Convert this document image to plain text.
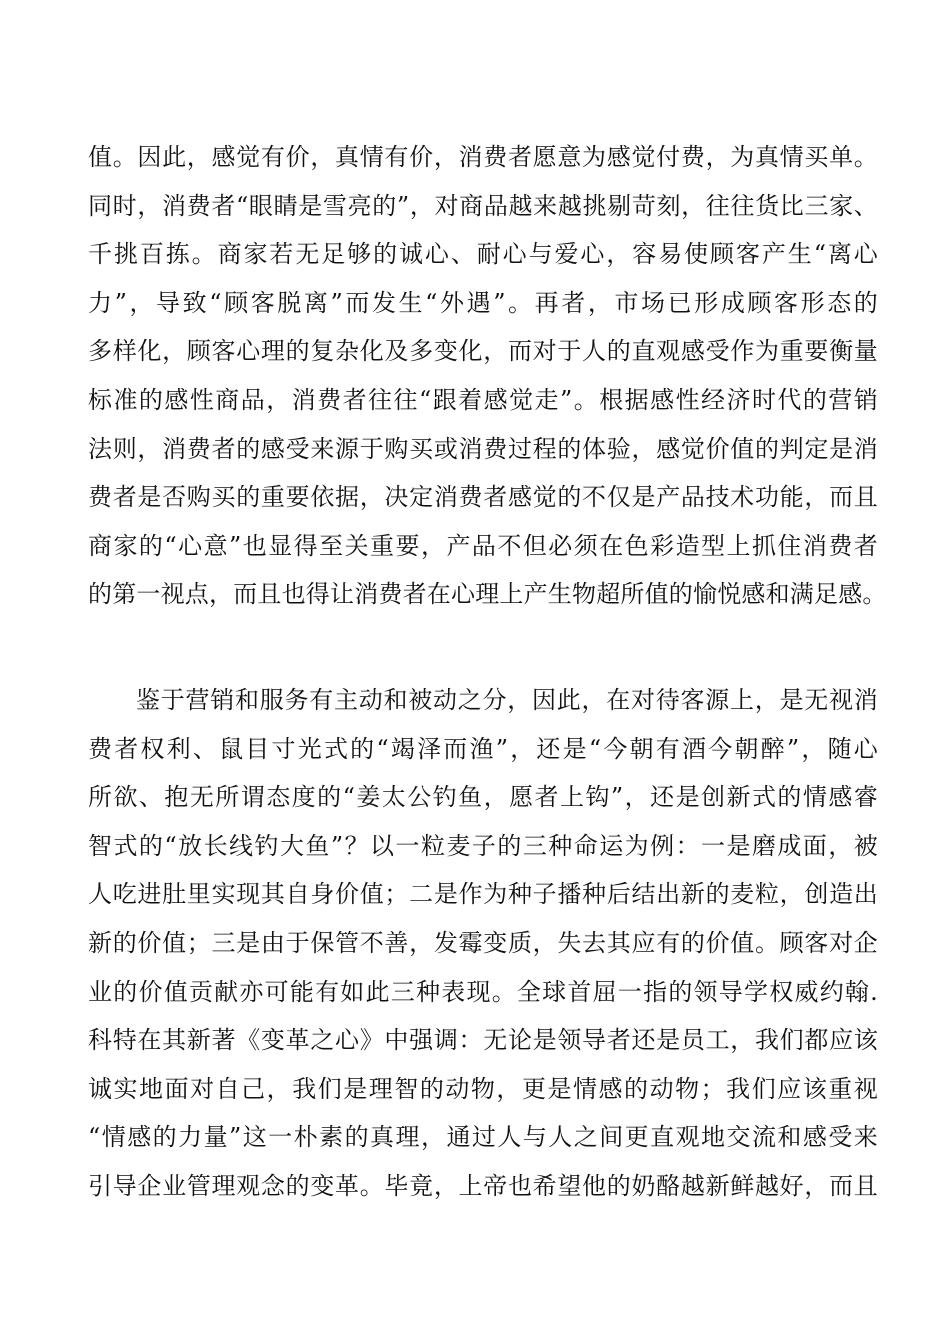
值。因此，感觉有价，真情有价，消费者愿意为感觉付费，为真情买单。
同时，消费者“眼睛是雪亮的”，对商品越来越挑剔苛刻，往往货比三家、
千挑百拣。商家若无足够的诚心、耐心与爱心，容易使顾客产生“离心
力”，导致“顾客脱离”而发生“外遇”。再者，市场已形成顾客形态的
多样化，顾客心理的复杂化及多变化，而对于人的直观感受作为重要衡量
标准的感性商品，消费者往往“跟着感觉走”。根据感性经济时代的营销
法则，消费者的感受来源于购买或消费过程的体验，感觉价值的判定是消
费者是否购买的重要依据，决定消费者感觉的不仅是产品技术功能，而且
商家的“心意”也显得至关重要，产品不但必须在色彩造型上抓住消费者
的第一视点，而且也得让消费者在心理上产生物超所值的愉悦感和满足感。
鉴于营销和服务有主动和被动之分，因此，在对待客源上，是无视消
费者权利、鼠目寸光式的“竭泽而渔”，还是“今朝有酒今朝醉”，随心
所欲、抱无所谓态度的“姜太公钓鱼，愿者上钩”，还是创新式的情感睿
智式的“放长线钓大鱼”？以一粒麦子的三种命运为例：一是磨成面，被
人吃进肚里实现其自身价值；二是作为种子播种后结出新的麦粒，创造出
新的价值；三是由于保管不善，发霉变质，失去其应有的价值。顾客对企
业的价值贡献亦可能有如此三种表现。全球首屈一指的领导学权威约翰.
科特在其新著《变革之心》中强调：无论是领导者还是员工，我们都应该
诚实地面对自己，我们是理智的动物，更是情感的动物；我们应该重视
“情感的力量”这一朴素的真理，通过人与人之间更直观地交流和感受来
引导企业管理观念的变革。毕竟，上帝也希望他的奶酪越新鲜越好，而且
